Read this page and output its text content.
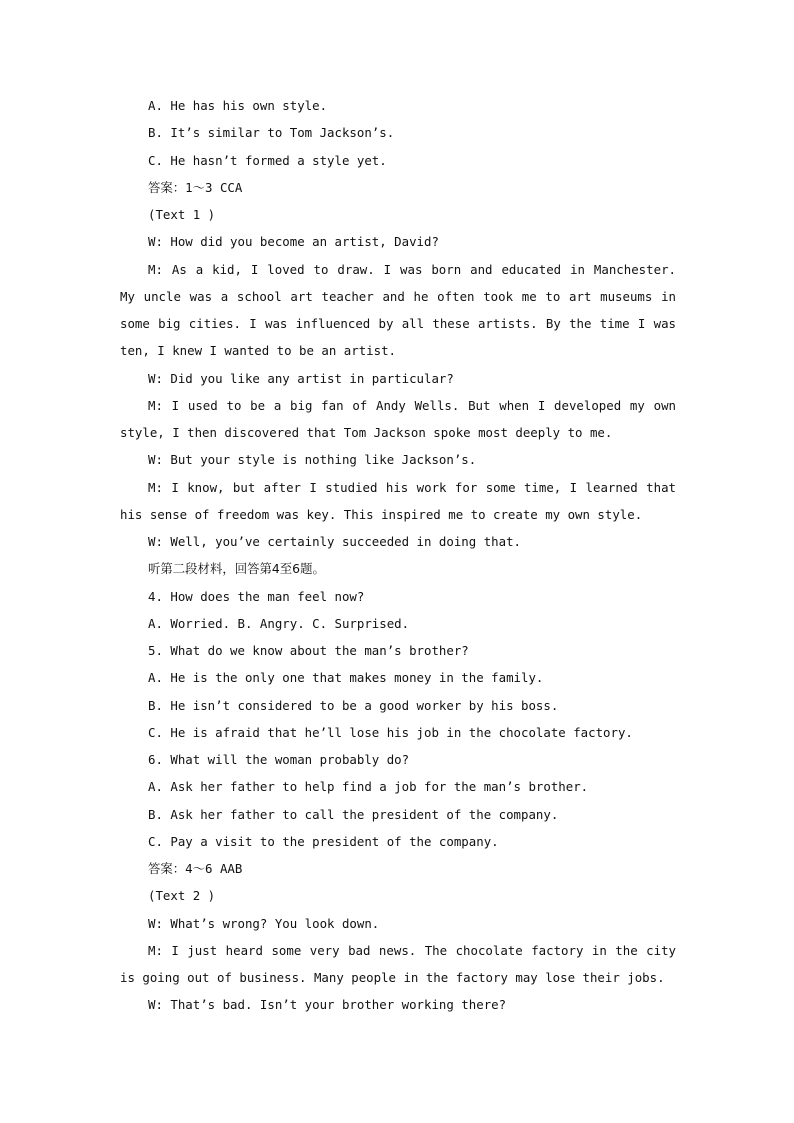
A. He has his own style.
B. It’s similar to Tom Jackson’s.
C. He hasn’t formed a style yet.
答案：1～3 CCA
(Text 1 )
W: How did you become an artist, David?
M: As a kid, I loved to draw. I was born and educated in Manchester. My uncle was a school art teacher and he often took me to art museums in some big cities. I was influenced by all these artists. By the time I was ten, I knew I wanted to be an artist.
W: Did you like any artist in particular?
M: I used to be a big fan of Andy Wells. But when I developed my own style, I then discovered that Tom Jackson spoke most deeply to me.
W: But your style is nothing like Jackson’s.
M: I know, but after I studied his work for some time, I learned that his sense of freedom was key. This inspired me to create my own style.
W: Well, you’ve certainly succeeded in doing that.
听第二段材料，回答第4至6题。
4. How does the man feel now?
A. Worried. B. Angry. C. Surprised.
5. What do we know about the man’s brother?
A. He is the only one that makes money in the family.
B. He isn’t considered to be a good worker by his boss.
C. He is afraid that he’ll lose his job in the chocolate factory.
6. What will the woman probably do?
A. Ask her father to help find a job for the man’s brother.
B. Ask her father to call the president of the company.
C. Pay a visit to the president of the company.
答案：4～6 AAB
(Text 2 )
W: What’s wrong? You look down.
M: I just heard some very bad news. The chocolate factory in the city is going out of business. Many people in the factory may lose their jobs.
W: That’s bad. Isn’t your brother working there?
